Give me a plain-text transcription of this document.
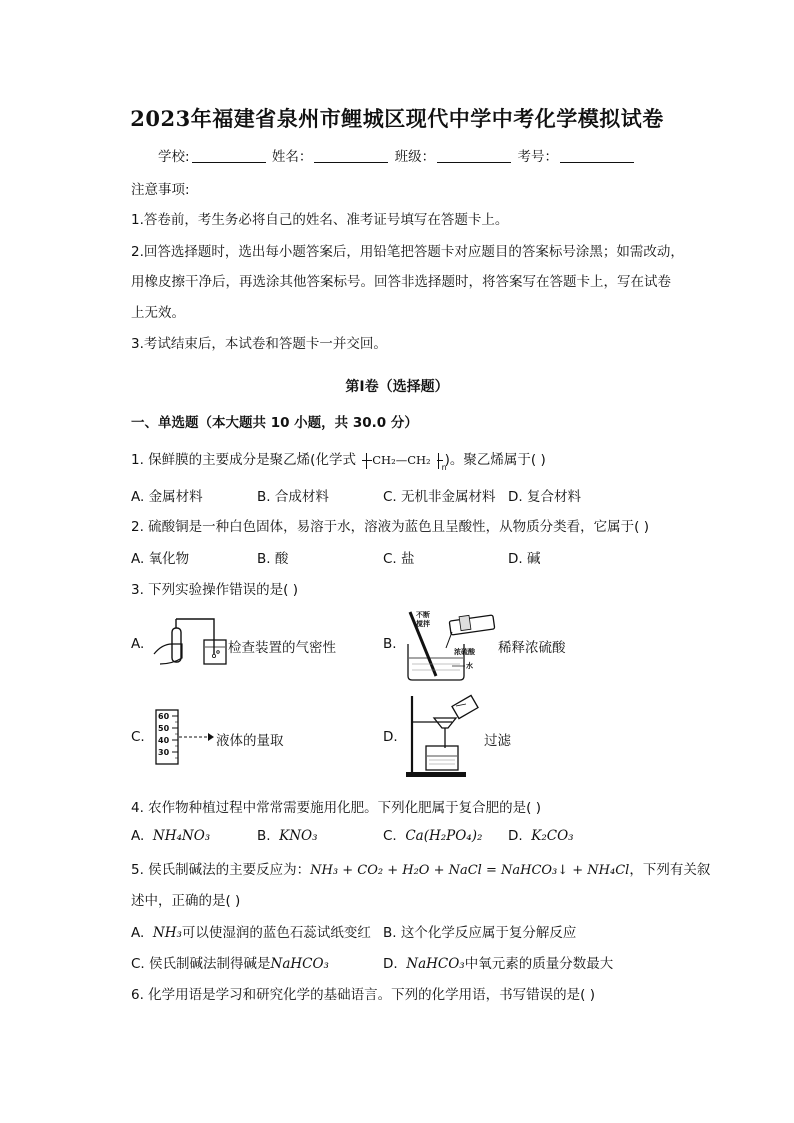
2023年福建省泉州市鲤城区现代中学中考化学模拟试卷
学校:	姓名：	班级：	考号：
注意事项:
1.答卷前，考生务必将自己的姓名、准考证号填写在答题卡上。
2.回答选择题时，选出每小题答案后，用铅笔把答题卡对应题目的答案标号涂黑；如需改动，
用橡皮擦干净后，再选涂其他答案标号。回答非选择题时，将答案写在答题卡上，写在试卷
上无效。
3.考试结束后，本试卷和答题卡一并交回。
第I卷（选择题）
一、单选题（本大题共 10 小题，共 30.0 分）
1. 保鲜膜的主要成分是聚乙烯(化学式 CH₂—CH₂
n
)。聚乙烯属于( )
A. 金属材料	B. 合成材料	C. 无机非金属材料 D. 复合材料
2. 硫酸铜是一种白色固体，易溶于水，溶液为蓝色且呈酸性，从物质分类看，它属于( )
A. 氧化物	B. 酸	C. 盐	D. 碱
3. 下列实验操作错误的是( )
A.	检查装置的气密性	B.
不断
搅拌
浓硫酸
水
稀释浓硫酸
C.
60
50
40
30
液体的量取	D.	过滤
4. 农作物种植过程中常常需要施用化肥。下列化肥属于复合肥的是( )
A. NH₄NO₃	B. KNO₃	C. Ca(H₂PO₄)₂ D. K₂CO₃
5. 侯氏制碱法的主要反应为：NH₃ + CO₂ + H₂O + NaCl = NaHCO₃↓ + NH₄Cl，下列有关叙
述中，正确的是( )
A. NH₃可以使湿润的蓝色石蕊试纸变红 B. 这个化学反应属于复分解反应
C. 侯氏制碱法制得碱是NaHCO₃	D. NaHCO₃中氧元素的质量分数最大
6. 化学用语是学习和研究化学的基础语言。下列的化学用语，书写错误的是( )
